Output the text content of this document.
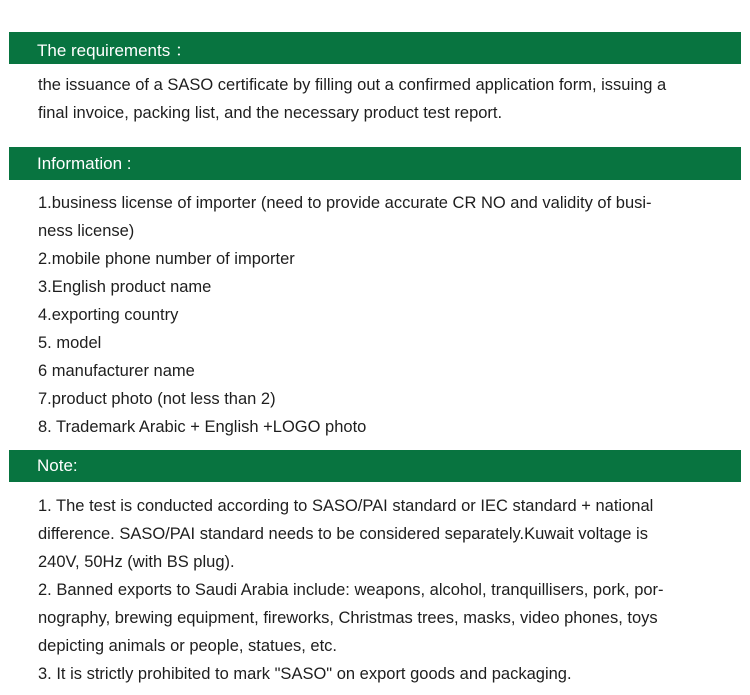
The requirements ：
the issuance of a SASO certificate by filling out a confirmed application form, issuing a
final invoice, packing list, and the necessary product test report.
Information :
1.business license of importer (need to provide accurate CR NO and validity of busi-
ness license)
2.mobile phone number of importer
3.English product name
4.exporting country
5. model
6 manufacturer name
7.product photo (not less than 2)
8. Trademark Arabic + English +LOGO photo
Note:
1. The test is conducted according to SASO/PAI standard or IEC standard + national
difference. SASO/PAI standard needs to be considered separately.Kuwait voltage is
240V, 50Hz (with BS plug).
2. Banned exports to Saudi Arabia include: weapons, alcohol, tranquillisers, pork, por-
nography, brewing equipment, fireworks, Christmas trees, masks, video phones, toys
depicting animals or people, statues, etc.
3. It is strictly prohibited to mark "SASO" on export goods and packaging.
